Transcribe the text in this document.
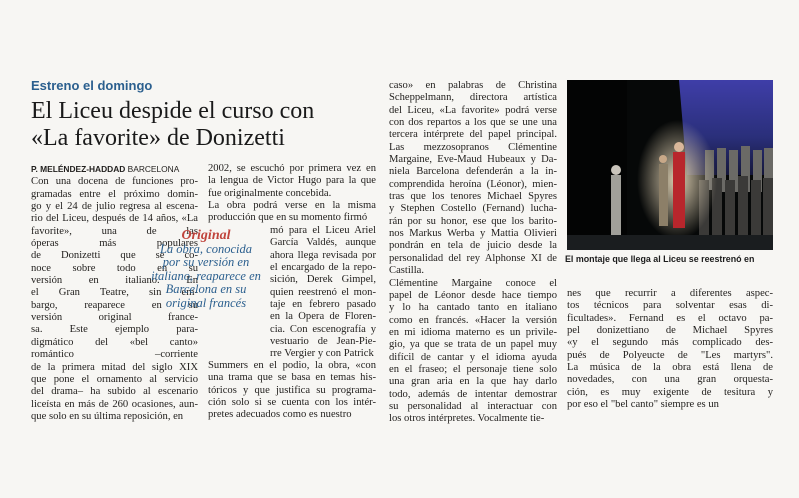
Estreno el domingo
El Liceu despide el curso con
«La favorite» de Donizetti
P. MELÉNDEZ-HADDAD BARCELONA
Con una docena de funciones pro-
gramadas entre el próximo domin-
go y el 24 de julio regresa al escena-
rio del Liceu, después de 14 años, «La
favorite», una de las
óperas más populares
de Donizetti que se co-
noce sobre todo en su
versión en italiano. En
el Gran Teatre, sin em-
bargo, reaparece en su
versión original france-
sa. Este ejemplo para-
digmático del «bel canto»
romántico –corriente
de la primera mitad del siglo XIX
que pone el ornamento al servicio
del drama– ha subido al escenario
liceísta en más de 260 ocasiones, aun-
que solo en su última reposición, en
2002, se escuchó por primera vez en
la lengua de Victor Hugo para la que
fue originalmente concebida.
La obra podrá verse en la misma
producción que en su momento firmó
Original
La obra, conocida por su versión en italiano, reaparece en Barcelona en su original francés
mó para el Liceu Ariel
García Valdés, aunque
ahora llega revisada por
el encargado de la repo-
sición, Derek Gimpel,
quien reestrenó el mon-
taje en febrero pasado
en la Ópera de Floren-
cia. Con escenografía y
vestuario de Jean-Pie-
rre Vergier y con Patrick
Summers en el podio, la obra, «con
una trama que se basa en temas his-
tóricos y que justifica su programa-
ción solo si se cuenta con los intér-
pretes adecuados como es nuestro
caso» en palabras de Christina
Scheppelmann, directora artística
del Liceu, «La favorite» podrá verse
con dos repartos a los que se une una
tercera intérprete del papel principal.
Las mezzosopranos Clémentine
Margaine, Eve-Maud Hubeaux y Da-
niela Barcelona defenderán a la in-
comprendida heroína (Léonor), mien-
tras que los tenores Michael Spyres
y Stephen Costello (Fernand) lucha-
rán por su honor, ese que los barito-
nos Markus Werba y Mattia Olivieri
pondrán en tela de juicio desde la
personalidad del rey Alphonse XI de
Castilla.
Clémentine Margaine conoce el
papel de Léonor desde hace tiempo
y lo ha cantado tanto en italiano
como en francés. «Hacer la versión
en mi idioma materno es un privile-
gio, ya que se trata de un papel muy
difícil de cantar y el idioma ayuda
en el fraseo; el personaje tiene solo
una gran aria en la que hay darlo
todo, además de intentar demostrar
su personalidad al interactuar con
los otros intérpretes. Vocalmente tie-
El montaje que llega al Liceu se reestrenó en
nes que recurrir a diferentes aspec-
tos técnicos para solventar esas di-
ficultades». Fernand es el octavo pa-
pel donizettiano de Michael Spyres
«y el segundo más complicado des-
pués de Polyeucte de "Les martyrs".
La música de la obra está llena de
novedades, con una gran orquesta-
ción, es muy exigente de tesitura y
por eso el "bel canto" siempre es un
